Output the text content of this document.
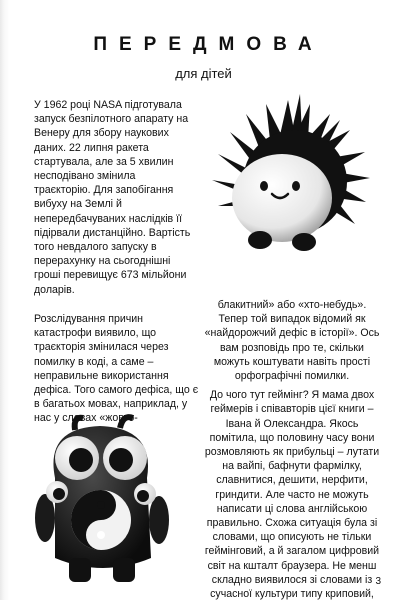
ПЕРЕДМОВА
для дітей

У 1962 році NASA підготувала запуск безпілотного апарату на Венеру для збору наукових даних. 22 липня ракета стартувала, але за 5 хвилин несподівано змінила траєкторію. Для запобігання вибуху на Землі й непередбачуваних наслідків її підірвали дистанційно. Вартість того невдалого запуску в перерахунку на сьогоднішні гроші перевищує 673 мільйони доларів.

Розслідування причин катастрофи виявило, що траєкторія змінилася через помилку в коді, а саме – неправильне використання дефіса. Того самого дефіса, що є в багатьох мовах, наприклад, у нас у словах «жовто-

блакитний» або «хто-небудь». Тепер той випадок відомий як «найдорожчий дефіс в історії». Ось вам розповідь про те, скільки можуть коштувати навіть прості орфографічні помилки.

До чого тут геймінг? Я мама двох геймерів і співавторів цієї книги – Івана й Олександра. Якось помітила, що половину часу вони розмовляють як прибульці – лутати на вайпі, бафнути фармілку, славнитися, дешити, нерфити, гриндити. Але часто не можуть написати ці слова англійською правильно. Схожа ситуація була зі словами, що описують не тільки геймінговий, а й загалом цифровий світ на кшталт браузера. Не менш складно виявилося зі словами із сучасної культури типу криповий,

3
